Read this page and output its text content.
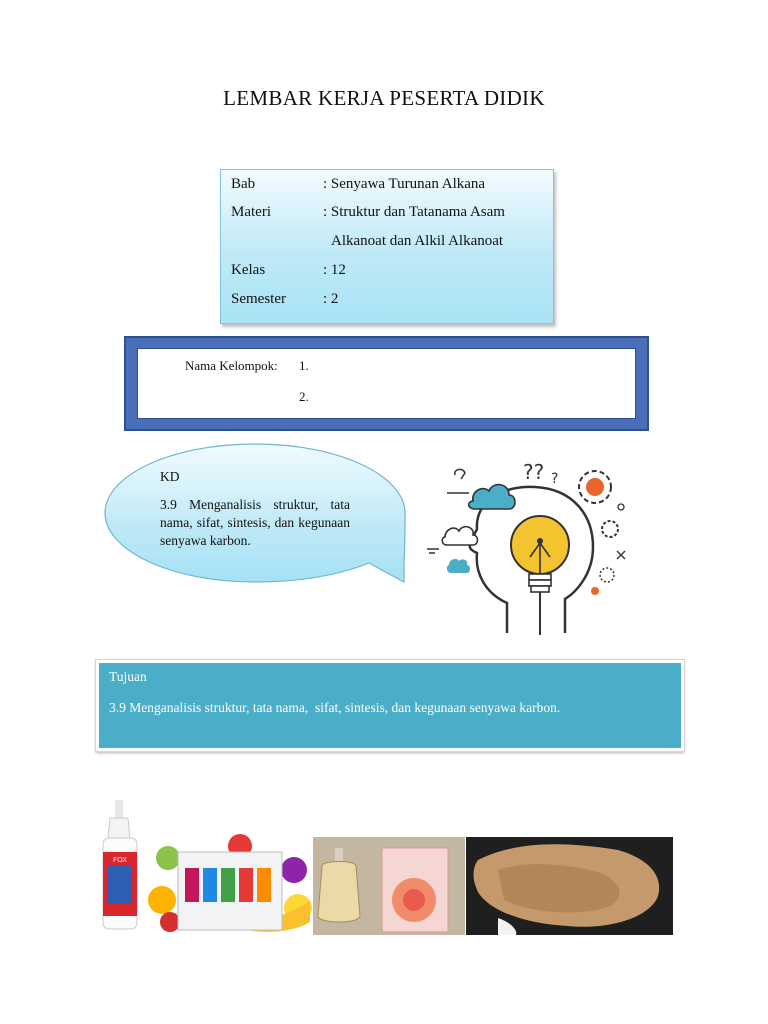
LEMBAR KERJA PESERTA DIDIK
Bab	: Senyawa Turunan Alkana
Materi	: Struktur dan Tatanama Asam
Alkanoat dan Alkil Alkanoat
Kelas	: 12
Semester : 2
Nama Kelompok: 1.
2.
KD
3.9 Menganalisis struktur, tata nama, sifat, sintesis, dan kegunaan senyawa karbon.
?? ?
Tujuan
3.9 Menganalisis struktur, tata nama,  sifat, sintesis, dan kegunaan senyawa karbon.
FOX
